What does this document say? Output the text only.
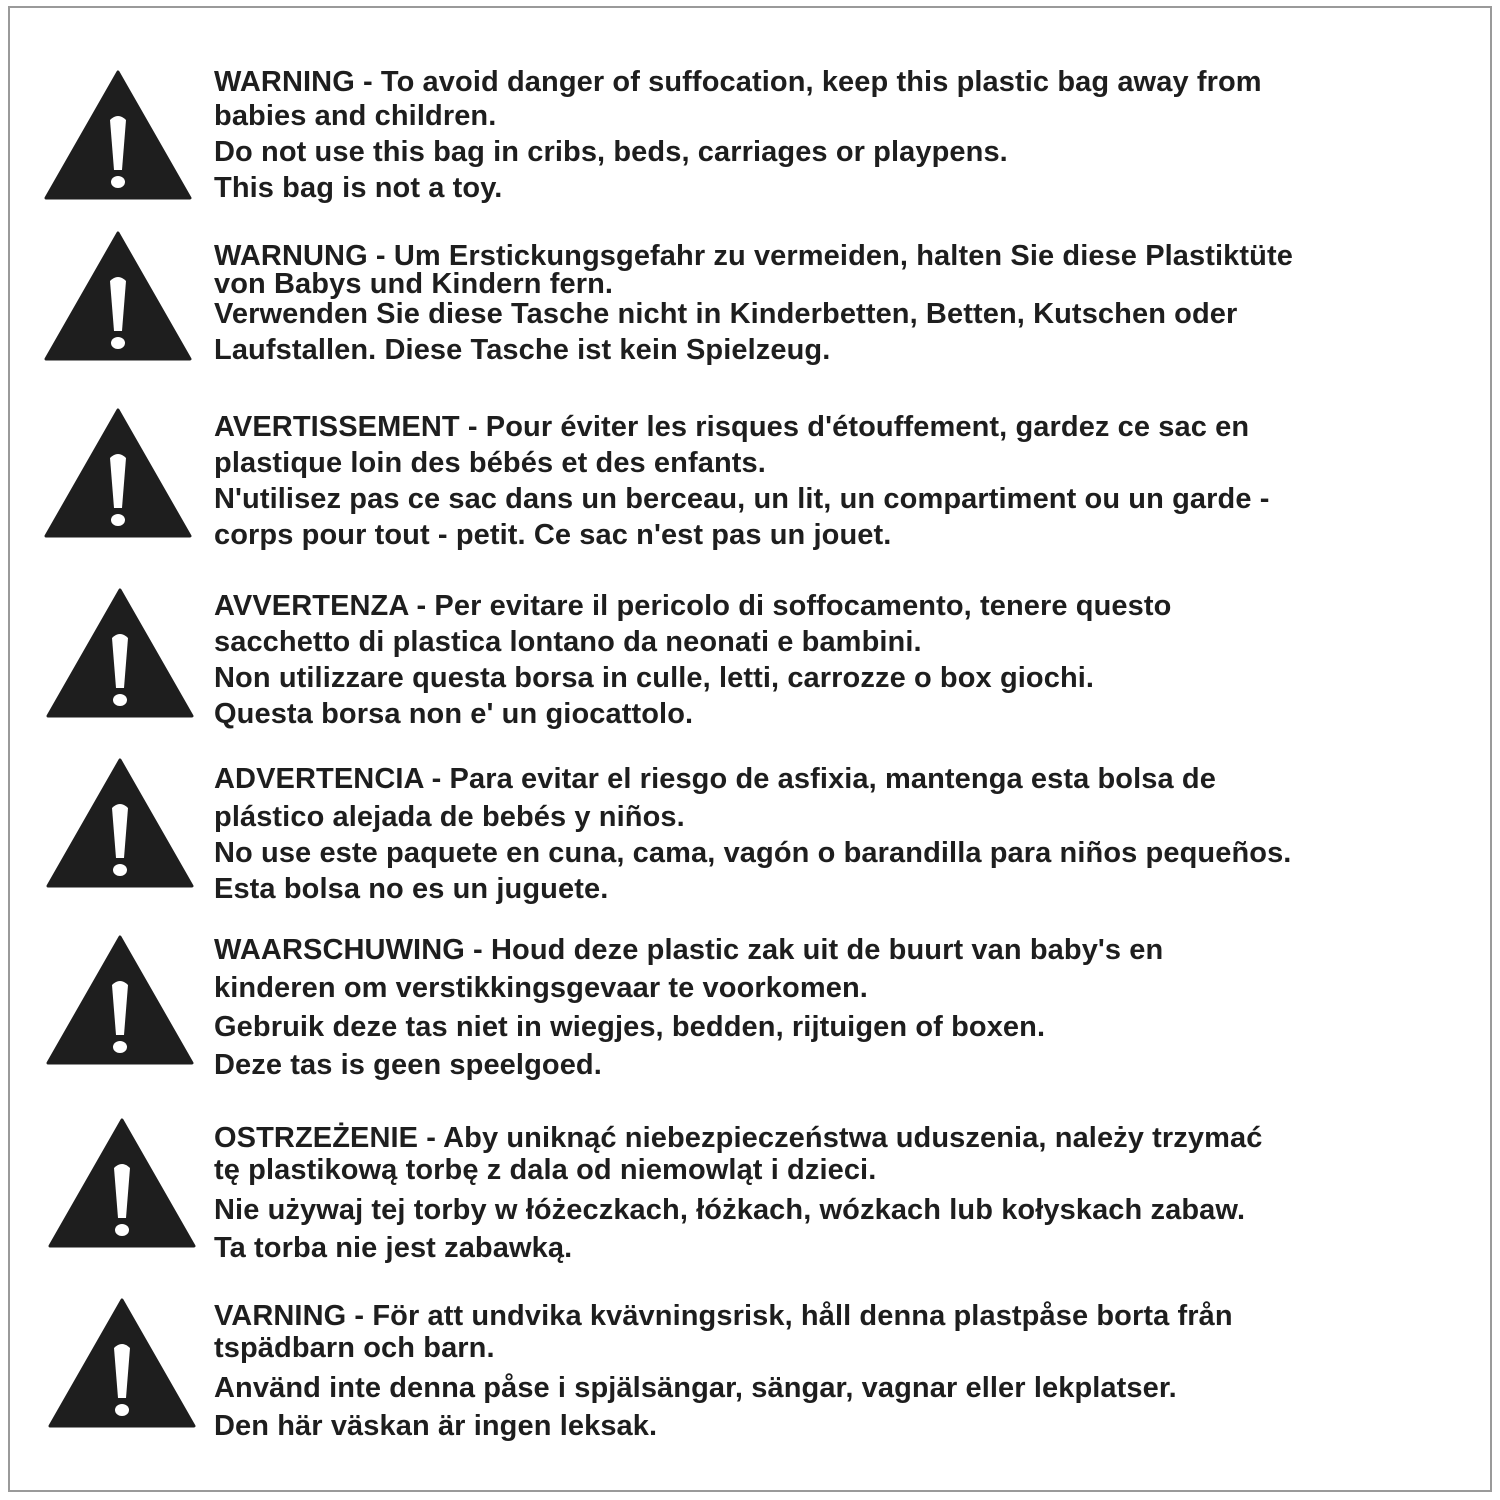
WARNING - To avoid danger of suffocation, keep this plastic bag away from

babies and children.

Do not use this bag in cribs, beds, carriages or playpens.

This bag is not a toy.

WARNUNG - Um Erstickungsgefahr zu vermeiden, halten Sie diese Plastiktüte

von Babys und Kindern fern.

Verwenden Sie diese Tasche nicht in Kinderbetten, Betten, Kutschen oder

Laufstallen. Diese Tasche ist kein Spielzeug.

AVERTISSEMENT - Pour éviter les risques d'étouffement, gardez ce sac en

plastique loin des bébés et des enfants.

N'utilisez pas ce sac dans un berceau, un lit, un compartiment ou un garde -

corps pour tout - petit. Ce sac n'est pas un jouet.

AVVERTENZA - Per evitare il pericolo di soffocamento, tenere questo

sacchetto di plastica lontano da neonati e bambini.

Non utilizzare questa borsa in culle, letti, carrozze o box giochi.

Questa borsa non e' un giocattolo.

ADVERTENCIA - Para evitar el riesgo de asfixia, mantenga esta bolsa de

plástico alejada de bebés y niños.

No use este paquete en cuna, cama, vagón o barandilla para niños pequeños.

Esta bolsa no es un juguete.

WAARSCHUWING - Houd deze plastic zak uit de buurt van baby's en

kinderen om verstikkingsgevaar te voorkomen.

Gebruik deze tas niet in wiegjes, bedden, rijtuigen of boxen.

Deze tas is geen speelgoed.

OSTRZEŻENIE - Aby uniknąć niebezpieczeństwa uduszenia, należy trzymać

tę plastikową torbę z dala od niemowląt i dzieci.

Nie używaj tej torby w łóżeczkach, łóżkach, wózkach lub kołyskach zabaw.

Ta torba nie jest zabawką.

VARNING - För att undvika kvävningsrisk, håll denna plastpåse borta från

tspädbarn och barn.

Använd inte denna påse i spjälsängar, sängar, vagnar eller lekplatser.

Den här väskan är ingen leksak.
